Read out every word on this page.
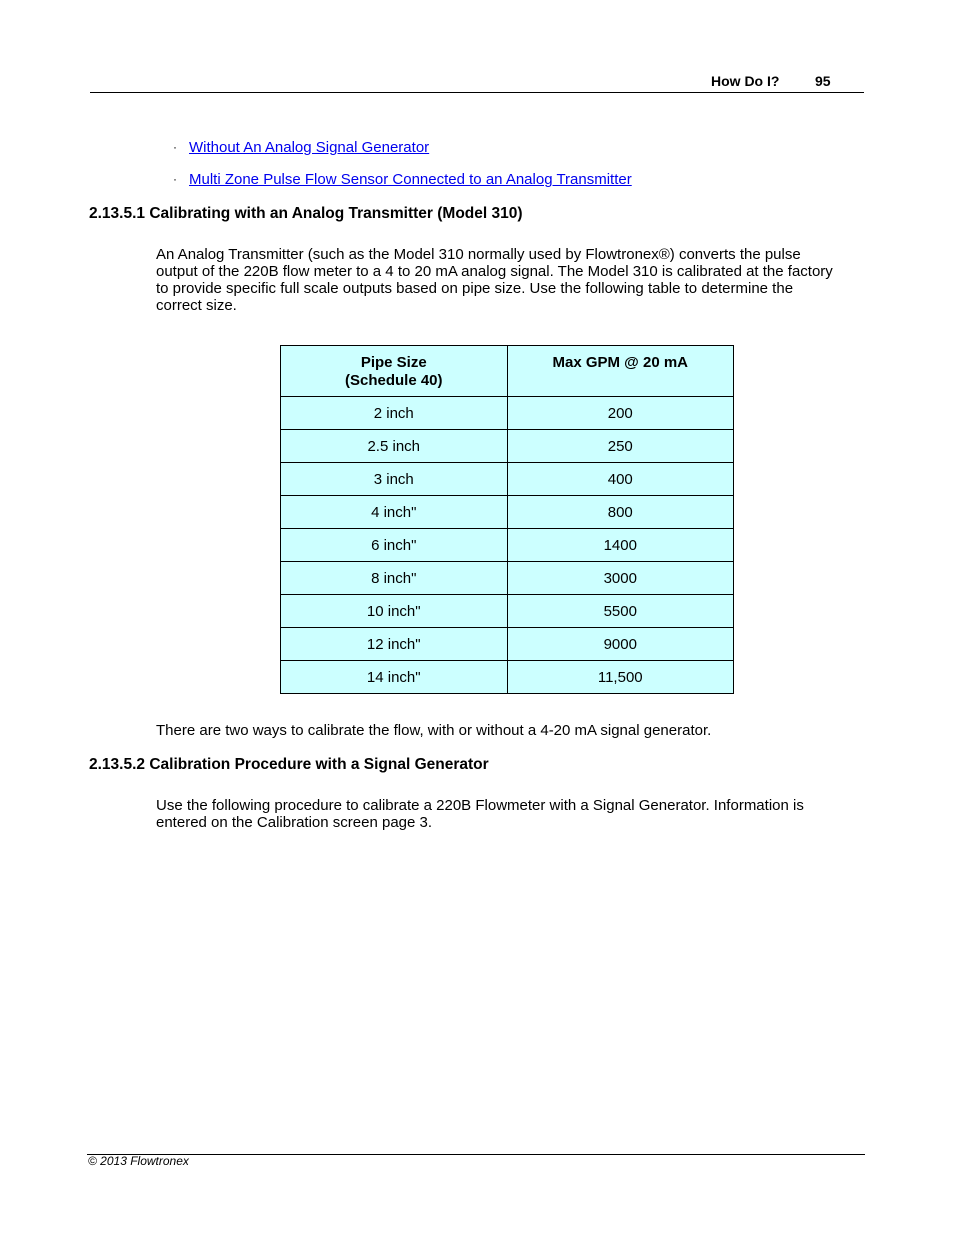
How Do I?	95
· Without An Analog Signal Generator
· Multi Zone Pulse Flow Sensor Connected to an Analog Transmitter
2.13.5.1 Calibrating with an Analog Transmitter (Model 310)
An Analog Transmitter (such as the Model 310 normally used by Flowtronex®) converts the pulse
output of the 220B flow meter to a 4 to 20 mA analog signal. The Model 310 is calibrated at the factory
to provide specific full scale outputs based on pipe size. Use the following table to determine the
correct size.
Pipe Size
(Schedule 40)	Max GPM @ 20 mA

2 inch	200
2.5 inch	250
3 inch	400
4 inch"	800
6 inch"	1400
8 inch"	3000
10 inch"	5500
12 inch"	9000
14 inch"	11,500
There are two ways to calibrate the flow, with or without a 4-20 mA signal generator.
2.13.5.2 Calibration Procedure with a Signal Generator
Use the following procedure to calibrate a 220B Flowmeter with a Signal Generator. Information is
entered on the Calibration screen page 3.
© 2013 Flowtronex
